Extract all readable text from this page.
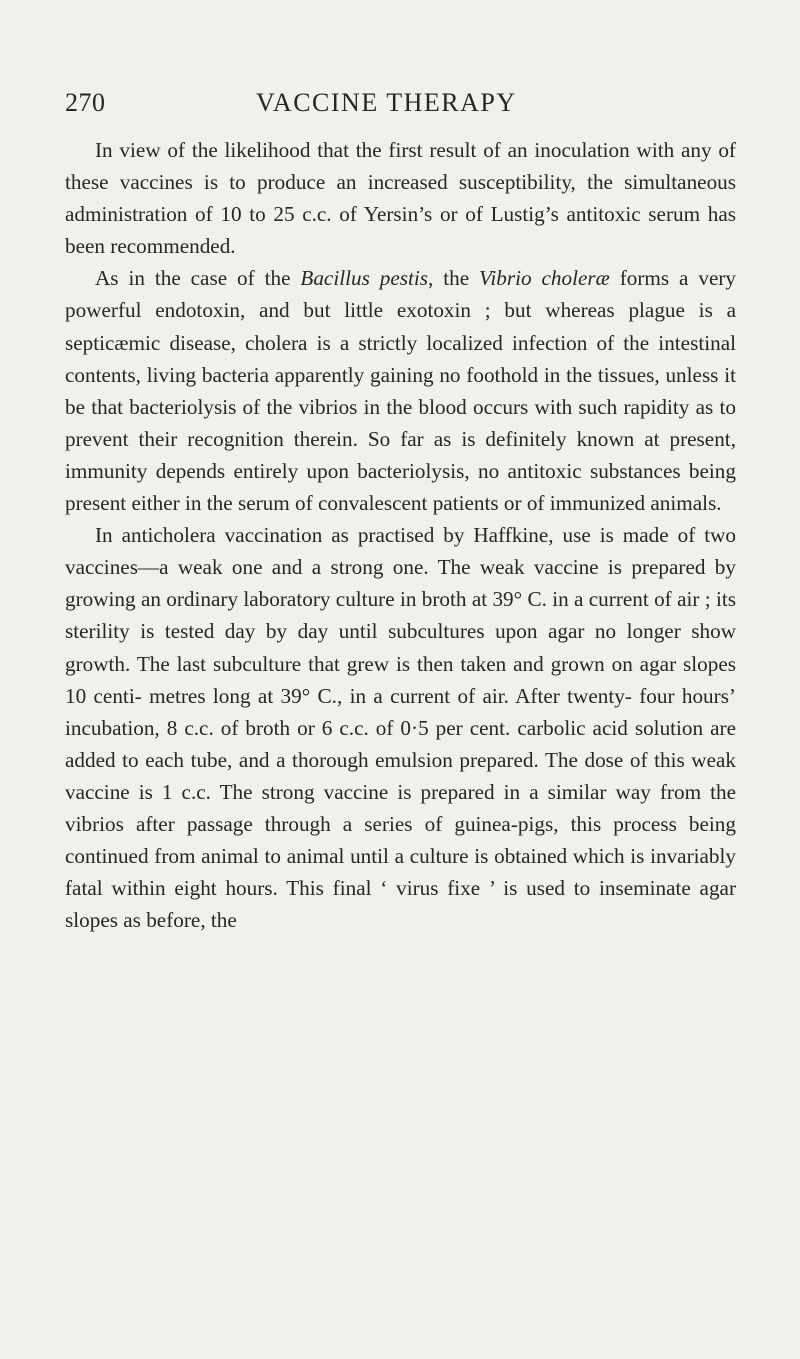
270	VACCINE THERAPY

In view of the likelihood that the first result of an inoculation with any of these vaccines is to produce an increased susceptibility, the simultaneous administration of 10 to 25 c.c. of Yersin’s or of Lustig’s antitoxic serum has been recommended.

As in the case of the Bacillus pestis, the Vibrio choleræ forms a very powerful endotoxin, and but little exotoxin ; but whereas plague is a septicæmic disease, cholera is a strictly localized infection of the intestinal contents, living bacteria apparently gaining no foothold in the tissues, unless it be that bacteriolysis of the vibrios in the blood occurs with such rapidity as to prevent their recognition therein. So far as is definitely known at present, immunity depends entirely upon bacteriolysis, no antitoxic substances being present either in the serum of convalescent patients or of immunized animals.

In anticholera vaccination as practised by Haffkine, use is made of two vaccines—a weak one and a strong one. The weak vaccine is prepared by growing an ordinary laboratory culture in broth at 39° C. in a current of air ; its sterility is tested day by day until subcultures upon agar no longer show growth. The last subculture that grew is then taken and grown on agar slopes 10 centi- metres long at 39° C., in a current of air. After twenty- four hours’ incubation, 8 c.c. of broth or 6 c.c. of 0·5 per cent. carbolic acid solution are added to each tube, and a thorough emulsion prepared. The dose of this weak vaccine is 1 c.c. The strong vaccine is prepared in a similar way from the vibrios after passage through a series of guinea-pigs, this process being continued from animal to animal until a culture is obtained which is invariably fatal within eight hours. This final ‘ virus fixe ’ is used to inseminate agar slopes as before, the
